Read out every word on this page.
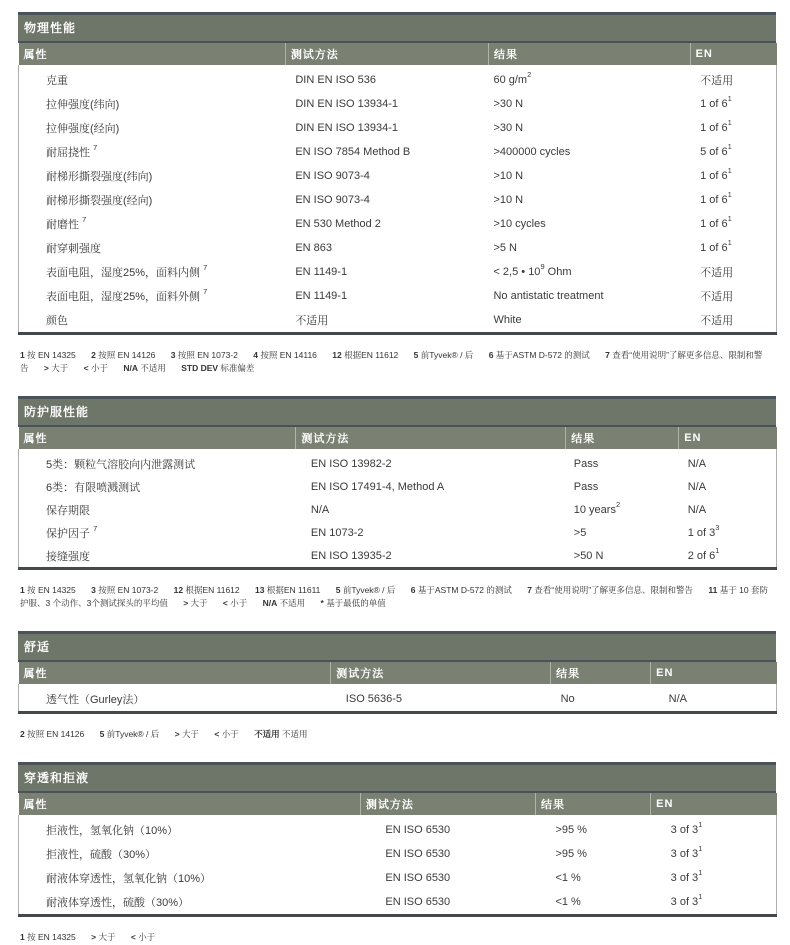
物理性能
属性	测试方法	结果	EN
克重	DIN EN ISO 536	60 $g/m^2$	不适用
拉伸强度(纬向)	DIN EN ISO 13934-1	>30 N	1 of $6^1$
拉伸强度(经向)	DIN EN ISO 13934-1	>30 N	1 of $6^1$
耐屈挠性 $^7$	EN ISO 7854 Method B	>400000 cycles	5 of $6^1$
耐梯形撕裂强度(纬向)	EN ISO 9073-4	>10 N	1 of $6^1$
耐梯形撕裂强度(经向)	EN ISO 9073-4	>10 N	1 of $6^1$
耐磨性 $^7$	EN 530 Method 2	>10 cycles	1 of $6^1$
耐穿刺强度	EN 863	>5 N	1 of $6^1$
表面电阻，湿度25%，面料内侧 $^7$	EN 1149-1	< 2,5 • $10^9$ Ohm	不适用
表面电阻，湿度25%，面料外侧 $^7$	EN 1149-1	No antistatic treatment	不适用
颜色	不适用	White	不适用
1 按 EN 14325 2 按照 EN 14126 3 按照 EN 1073-2 4 按照 EN 14116 12 根据EN 11612 5 前Tyvek® / 后 6 基于ASTM D-572 的测试 7 查看“使用说明”了解更多信息、限制和警告 > 大于 < 小于 N/A 不适用 STD DEV 标准偏差
防护服性能
属性	测试方法	结果	EN
5类：颗粒气溶胶向内泄露测试	EN ISO 13982-2	Pass	N/A
6类：有限喷溅测试	EN ISO 17491-4, Method A	Pass	N/A
保存期限	N/A	10 years$^2$	N/A
保护因子 $^7$	EN 1073-2	>5	1 of $3^3$
接缝强度	EN ISO 13935-2	>50 N	2 of $6^1$
1 按 EN 14325 3 按照 EN 1073-2 12 根据EN 11612 13 根据EN 11611 5 前Tyvek® / 后 6 基于ASTM D-572 的测试 7 查看“使用说明”了解更多信息、限制和警告 11 基于 10 套防护服、3 个动作、3个测试探头的平均值 > 大于 < 小于 N/A 不适用 * 基于最低的单值
舒适
属性	测试方法	结果	EN
透气性（Gurley法）	ISO 5636-5	No	N/A
2 按照 EN 14126 5 前Tyvek® / 后 > 大于 < 小于 不适用 不适用
穿透和拒液
属性	测试方法	结果	EN
拒液性，氢氧化钠（10%）	EN ISO 6530	>95 %	3 of $3^1$
拒液性，硫酸（30%）	EN ISO 6530	>95 %	3 of $3^1$
耐液体穿透性，氢氧化钠（10%）	EN ISO 6530	<1 %	3 of $3^1$
耐液体穿透性，硫酸（30%）	EN ISO 6530	<1 %	3 of $3^1$
1 按 EN 14325 > 大于 < 小于
